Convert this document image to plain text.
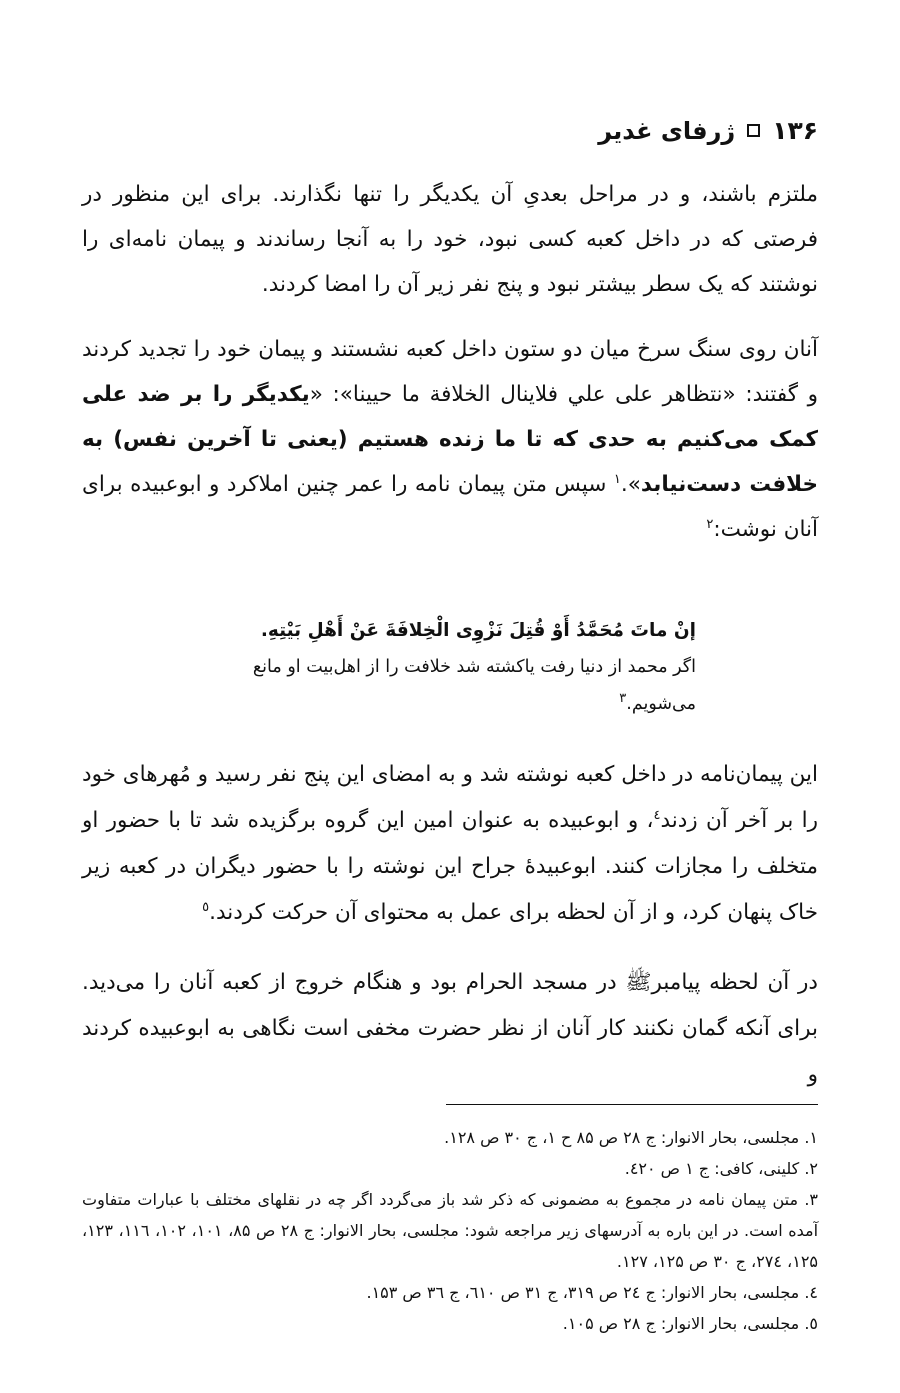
۱۳۶
ژرفای غدیر

ملتزم باشند، و در مراحل بعدیِ آن یکدیگر را تنها نگذارند. برای این منظور در فرصتی که در داخل کعبه کسی نبود، خود را به آنجا رساندند و پیمان نامه‌ای را نوشتند که یک سطر بیشتر نبود و پنج نفر زیر آن را امضا کردند.

آنان روی سنگ سرخ میان دو ستون داخل کعبه نشستند و پیمان خود را تجدید کردند و گفتند: «نتظاهر علی علي فلاینال الخلافة ما حیینا»: «یکدیگر را بر ضد علی کمک می‌کنیم به حدی که تا ما زنده هستیم (یعنی تا آخرین نفس) به خلافت دست‌نیابد».$^۱$ سپس متن پیمان نامه را عمر چنین املاکرد و ابوعبیده برای آنان نوشت:$^۲$

إنْ ماتَ مُحَمَّدُ أَوْ قُتِلَ نَزْوِی الْخِلافَةَ عَنْ أَهْلِ بَیْتِهِ.
اگر محمد از دنیا رفت یاکشته شد خلافت را از اهل‌بیت او مانع می‌شویم.$^۳$

این پیمان‌نامه در داخل کعبه نوشته شد و به امضای این پنج نفر رسید و مُهرهای خود را بر آخر آن زدند$^٤$، و ابوعبیده به عنوان امین این گروه برگزیده شد تا با حضور او متخلف را مجازات کنند. ابوعبیدهٔ جراح این نوشته را با حضور دیگران در کعبه زیر خاک پنهان کرد، و از آن لحظه برای عمل به محتوای آن حرکت کردند.$^٥$

در آن لحظه پیامبرﷺ در مسجد الحرام بود و هنگام خروج از کعبه آنان را می‌دید. برای آنکه گمان نکنند کار آنان از نظر حضرت مخفی است نگاهی به ابوعبیده کردند و

۱. مجلسی، بحار الانوار: ج ۲۸ ص ۸۵ ح ۱، ج ۳۰ ص ۱۲۸.

۲. کلینی، کافی: ج ۱ ص ٤۲۰.

۳. متن پیمان نامه در مجموع به مضمونی که ذکر شد باز می‌گردد اگر چه در نقلهای مختلف با عبارات متفاوت آمده است. در این باره به آدرسهای زیر مراجعه شود: مجلسی، بحار الانوار: ج ۲۸ ص ۸۵، ۱۰۱، ۱۰۲، ۱۱٦، ۱۲۳، ۱۲۵، ۲۷٤، ج ۳۰ ص ۱۲۵، ۱۲۷.

٤. مجلسی، بحار الانوار: ج ۲٤ ص ۳۱۹، ج ۳۱ ص ٦۱۰، ج ۳٦ ص ۱۵۳.

٥. مجلسی، بحار الانوار: ج ۲۸ ص ۱۰۵.
